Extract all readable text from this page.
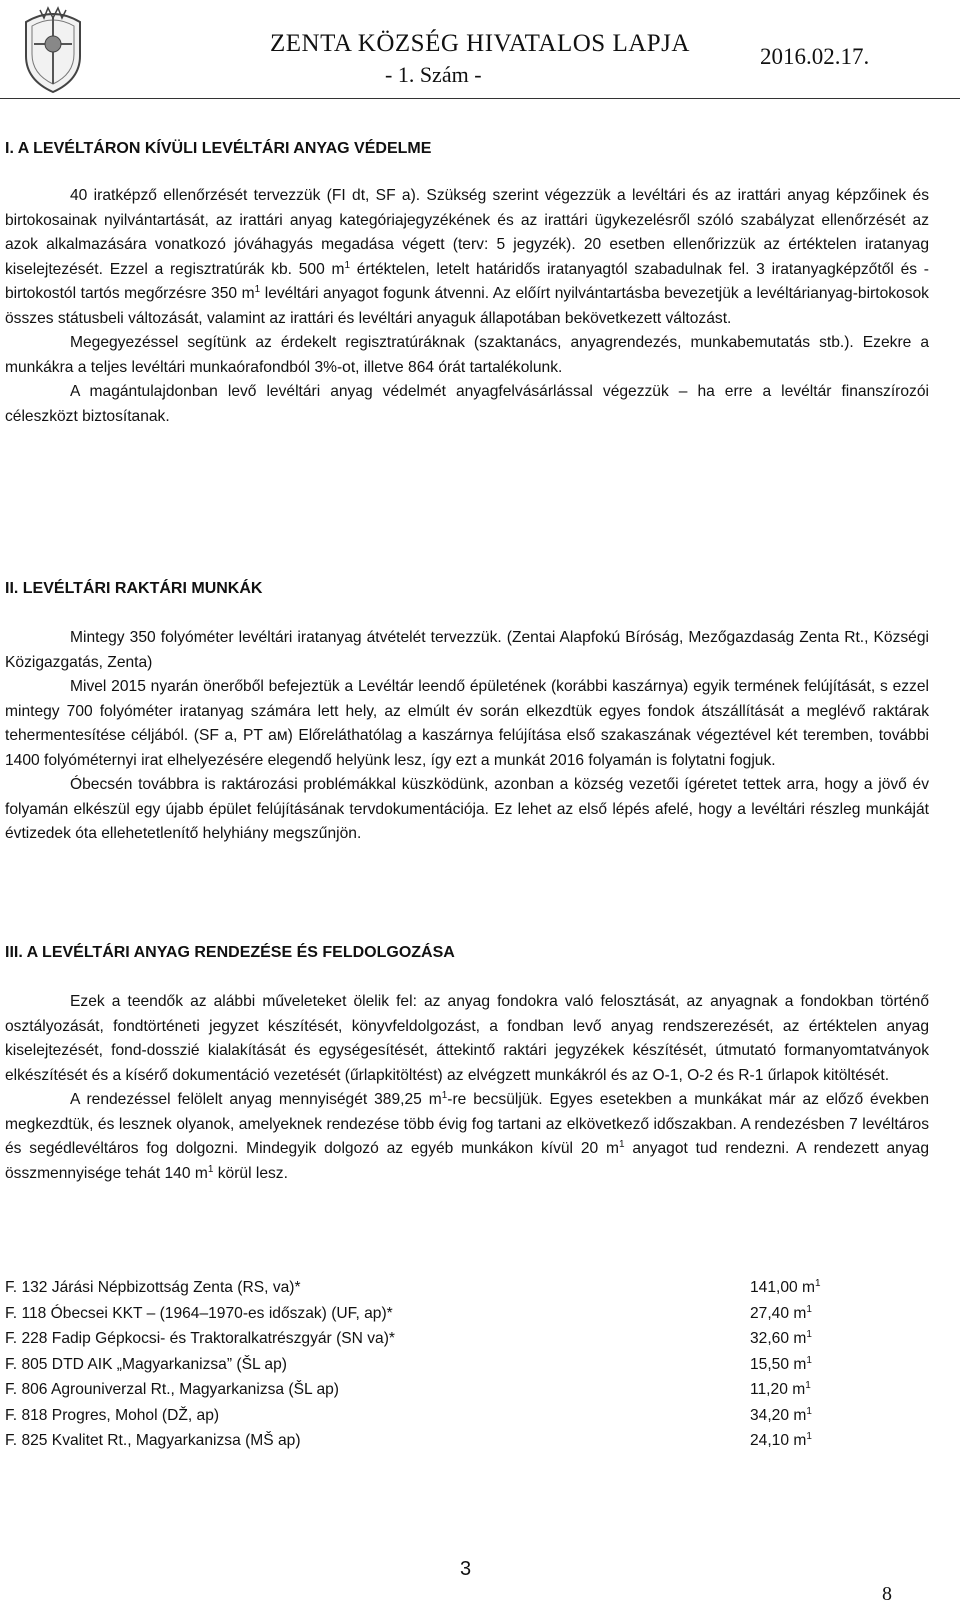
ZENTA KÖZSÉG HIVATALOS LAPJA
- 1. Szám -
2016.02.17.
I. A LEVÉLTÁRON KÍVÜLI LEVÉLTÁRI ANYAG VÉDELME

40 iratképző ellenőrzését tervezzük (FI dt, SF a). Szükség szerint végezzük a levéltári és az irattári anyag képzőinek és birtokosainak nyilvántartását, az irattári anyag kategóriajegyzékének és az irattári ügykezelésről szóló szabályzat ellenőrzését az azok alkalmazására vonatkozó jóváhagyás megadása végett (terv: 5 jegyzék). 20 esetben ellenőrizzük az értéktelen iratanyag kiselejtezését. Ezzel a regisztratúrák kb. 500 $m^1$ értéktelen, letelt határidős iratanyagtól szabadulnak fel. 3 iratanyagképzőtől és -birtokostól tartós megőrzésre 350 $m^1$ levéltári anyagot fogunk átvenni. Az előírt nyilvántartásba bevezetjük a levéltárianyag-birtokosok összes státusbeli változását, valamint az irattári és levéltári anyaguk állapotában bekövetkezett változást.

Megegyezéssel segítünk az érdekelt regisztratúráknak (szaktanács, anyagrendezés, munkabemutatás stb.). Ezekre a munkákra a teljes levéltári munkaórafondból 3%-ot, illetve 864 órát tartalékolunk.

A magántulajdonban levő levéltári anyag védelmét anyagfelvásárlással végezzük – ha erre a levéltár finanszírozói céleszközt biztosítanak.

II. LEVÉLTÁRI RAKTÁRI MUNKÁK

Mintegy 350 folyóméter levéltári iratanyag átvételét tervezzük. (Zentai Alapfokú Bíróság, Mezőgazdaság Zenta Rt., Községi Közigazgatás, Zenta)

Mivel 2015 nyarán önerőből befejeztük a Levéltár leendő épületének (korábbi kaszárnya) egyik termének felújítását, s ezzel mintegy 700 folyóméter iratanyag számára lett hely, az elmúlt év során elkezdtük egyes fondok átszállítását a meglévő raktárak tehermentesítése céljából. (SF a, PT aм) Előreláthatólag a kaszárnya felújítása első szakaszának végeztével két teremben, további 1400 folyóméternyi irat elhelyezésére elegendő helyünk lesz, így ezt a munkát 2016 folyamán is folytatni fogjuk.

Óbecsén továbbra is raktározási problémákkal küszködünk, azonban a község vezetői ígéretet tettek arra, hogy a jövő év folyamán elkészül egy újabb épület felújításának tervdokumentációja. Ez lehet az első lépés afelé, hogy a levéltári részleg munkáját évtizedek óta ellehetetlenítő helyhiány megszűnjön.

III. A LEVÉLTÁRI ANYAG RENDEZÉSE ÉS FELDOLGOZÁSA

Ezek a teendők az alábbi műveleteket ölelik fel: az anyag fondokra való felosztását, az anyagnak a fondokban történő osztályozását, fondtörténeti jegyzet készítését, könyvfeldolgozást, a fondban levő anyag rendszerezését, az értéktelen anyag kiselejtezését, fond-dosszié kialakítását és egységesítését, áttekintő raktári jegyzékek készítését, útmutató formanyomtatványok elkészítését és a kísérő dokumentáció vezetését (űrlapkitöltést) az elvégzett munkákról és az O-1, O-2 és R-1 űrlapok kitöltését.

A rendezéssel felölelt anyag mennyiségét 389,25 $m^1-re$ becsüljük. Egyes esetekben a munkákat már az előző években megkezdtük, és lesznek olyanok, amelyeknek rendezése több évig fog tartani az elkövetkező időszakban. A rendezésben 7 levéltáros és segédlevéltáros fog dolgozni. Mindegyik dolgozó az egyéb munkákon kívül 20 $m^1$ anyagot tud rendezni. A rendezett anyag összmennyisége tehát 140 $m^1$ körül lesz.

F. 132 Járási Népbizottság Zenta (RS, va)*	141,00 $m^1$
F. 118 Óbecsei KKT – (1964–1970-es időszak) (UF, ap)*	27,40 $m^1$
F. 228 Fadip Gépkocsi- és Traktoralkatrészgyár (SN va)*	32,60 $m^1$
F. 805 DTD AIK „Magyarkanizsa” (ŠL ap)	15,50 $m^1$
F. 806 Agrouniverzal Rt., Magyarkanizsa (ŠL ap)	11,20 $m^1$
F. 818 Progres, Mohol (DŽ, ap)	34,20 $m^1$
F. 825 Kvalitet Rt., Magyarkanizsa (MŠ ap)	24,10 $m^1$
3
8
